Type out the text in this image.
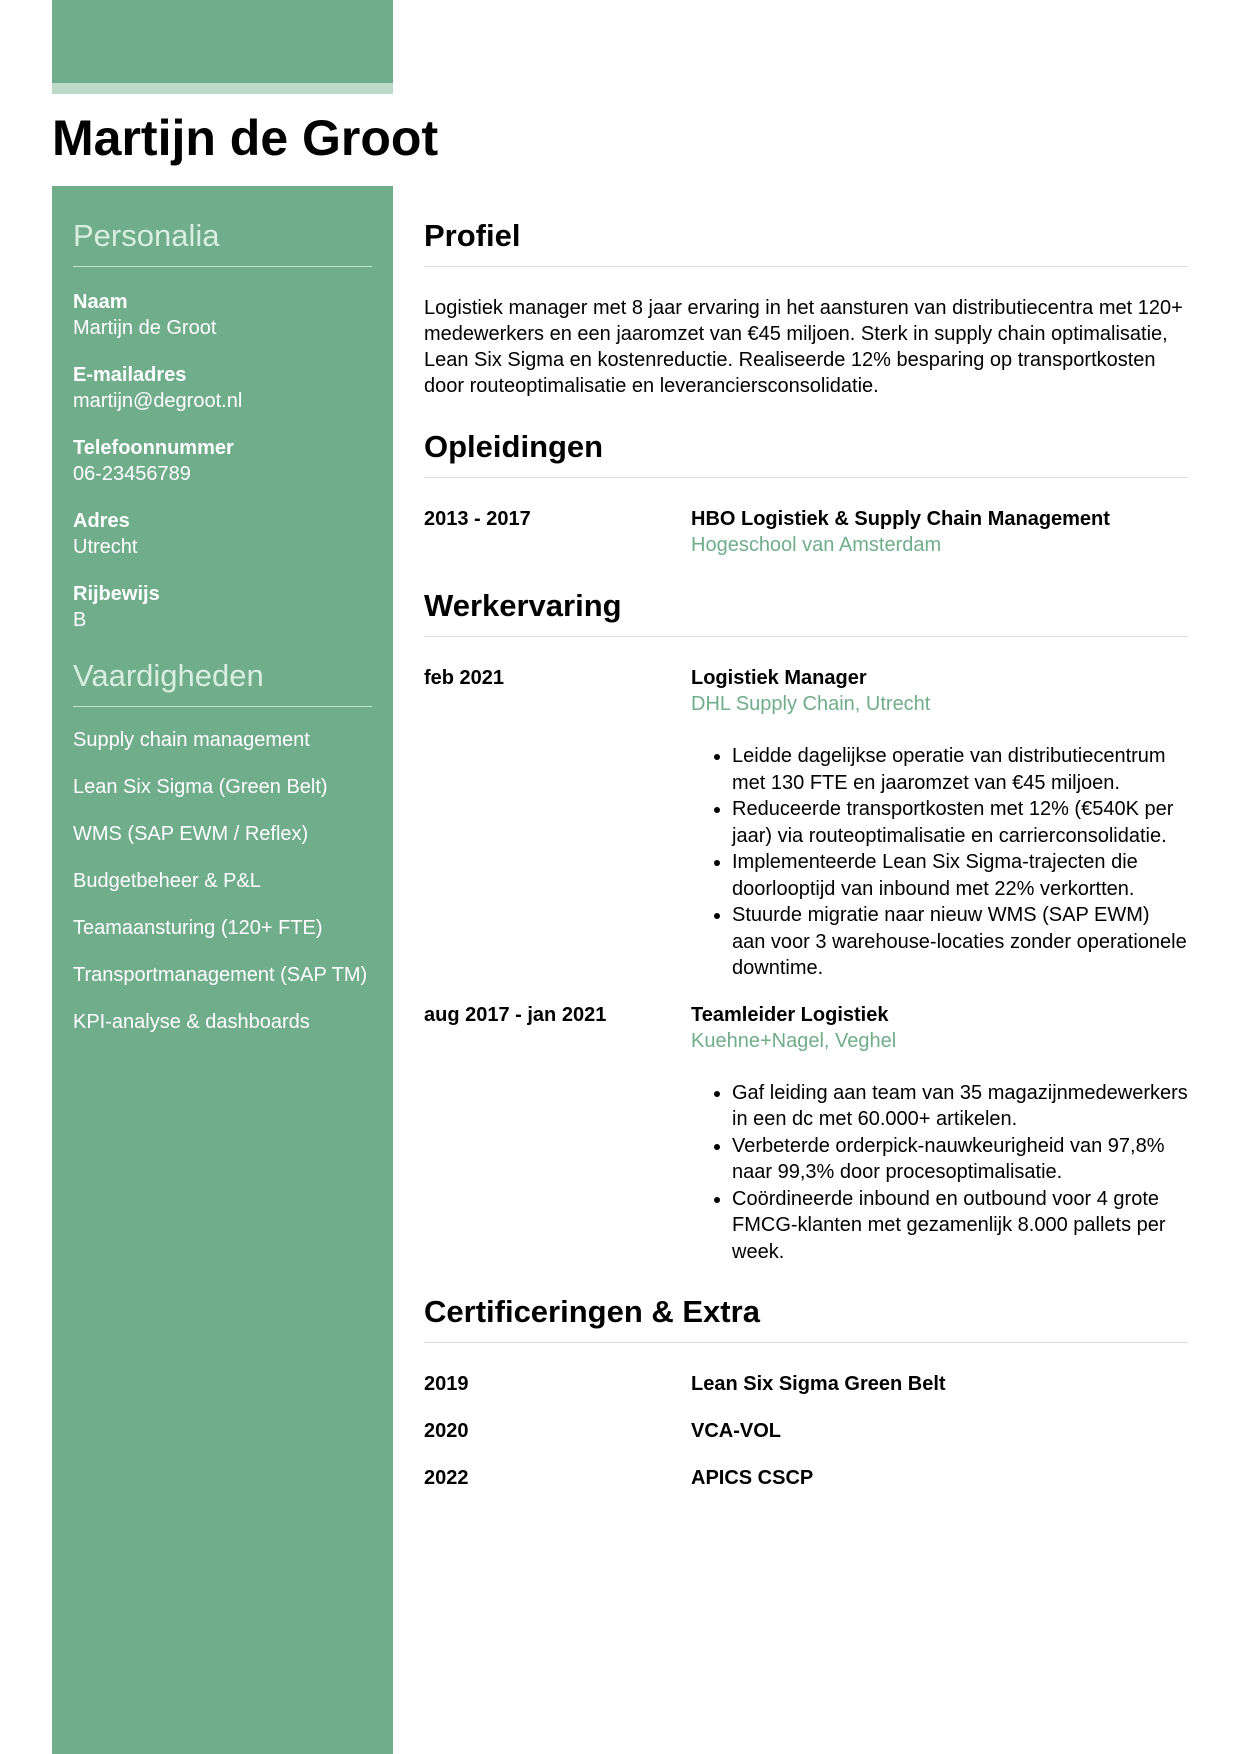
Martijn de Groot
Personalia
Naam
Martijn de Groot
E-mailadres
martijn@degroot.nl
Telefoonnummer
06-23456789
Adres
Utrecht
Rijbewijs
B
Vaardigheden
Supply chain management
Lean Six Sigma (Green Belt)
WMS (SAP EWM / Reflex)
Budgetbeheer & P&L
Teamaansturing (120+ FTE)
Transportmanagement (SAP TM)
KPI-analyse & dashboards
Profiel
Logistiek manager met 8 jaar ervaring in het aansturen van distributiecentra met 120+ medewerkers en een jaaromzet van €45 miljoen. Sterk in supply chain optimalisatie, Lean Six Sigma en kostenreductie. Realiseerde 12% besparing op transportkosten door routeoptimalisatie en leveranciersconsolidatie.
Opleidingen
2013 - 2017	HBO Logistiek & Supply Chain Management
Hogeschool van Amsterdam
Werkervaring
feb 2021	Logistiek Manager
DHL Supply Chain, Utrecht
• Leidde dagelijkse operatie van distributiecentrum met 130 FTE en jaaromzet van €45 miljoen.
• Reduceerde transportkosten met 12% (€540K per jaar) via routeoptimalisatie en carrierconsolidatie.
• Implementeerde Lean Six Sigma-trajecten die doorlooptijd van inbound met 22% verkortten.
• Stuurde migratie naar nieuw WMS (SAP EWM) aan voor 3 warehouse-locaties zonder operationele downtime.
aug 2017 - jan 2021	Teamleider Logistiek
Kuehne+Nagel, Veghel
• Gaf leiding aan team van 35 magazijnmedewerkers in een dc met 60.000+ artikelen.
• Verbeterde orderpick-nauwkeurigheid van 97,8% naar 99,3% door procesoptimalisatie.
• Coördineerde inbound en outbound voor 4 grote FMCG-klanten met gezamenlijk 8.000 pallets per week.
Certificeringen & Extra
2019	Lean Six Sigma Green Belt
2020	VCA-VOL
2022	APICS CSCP
